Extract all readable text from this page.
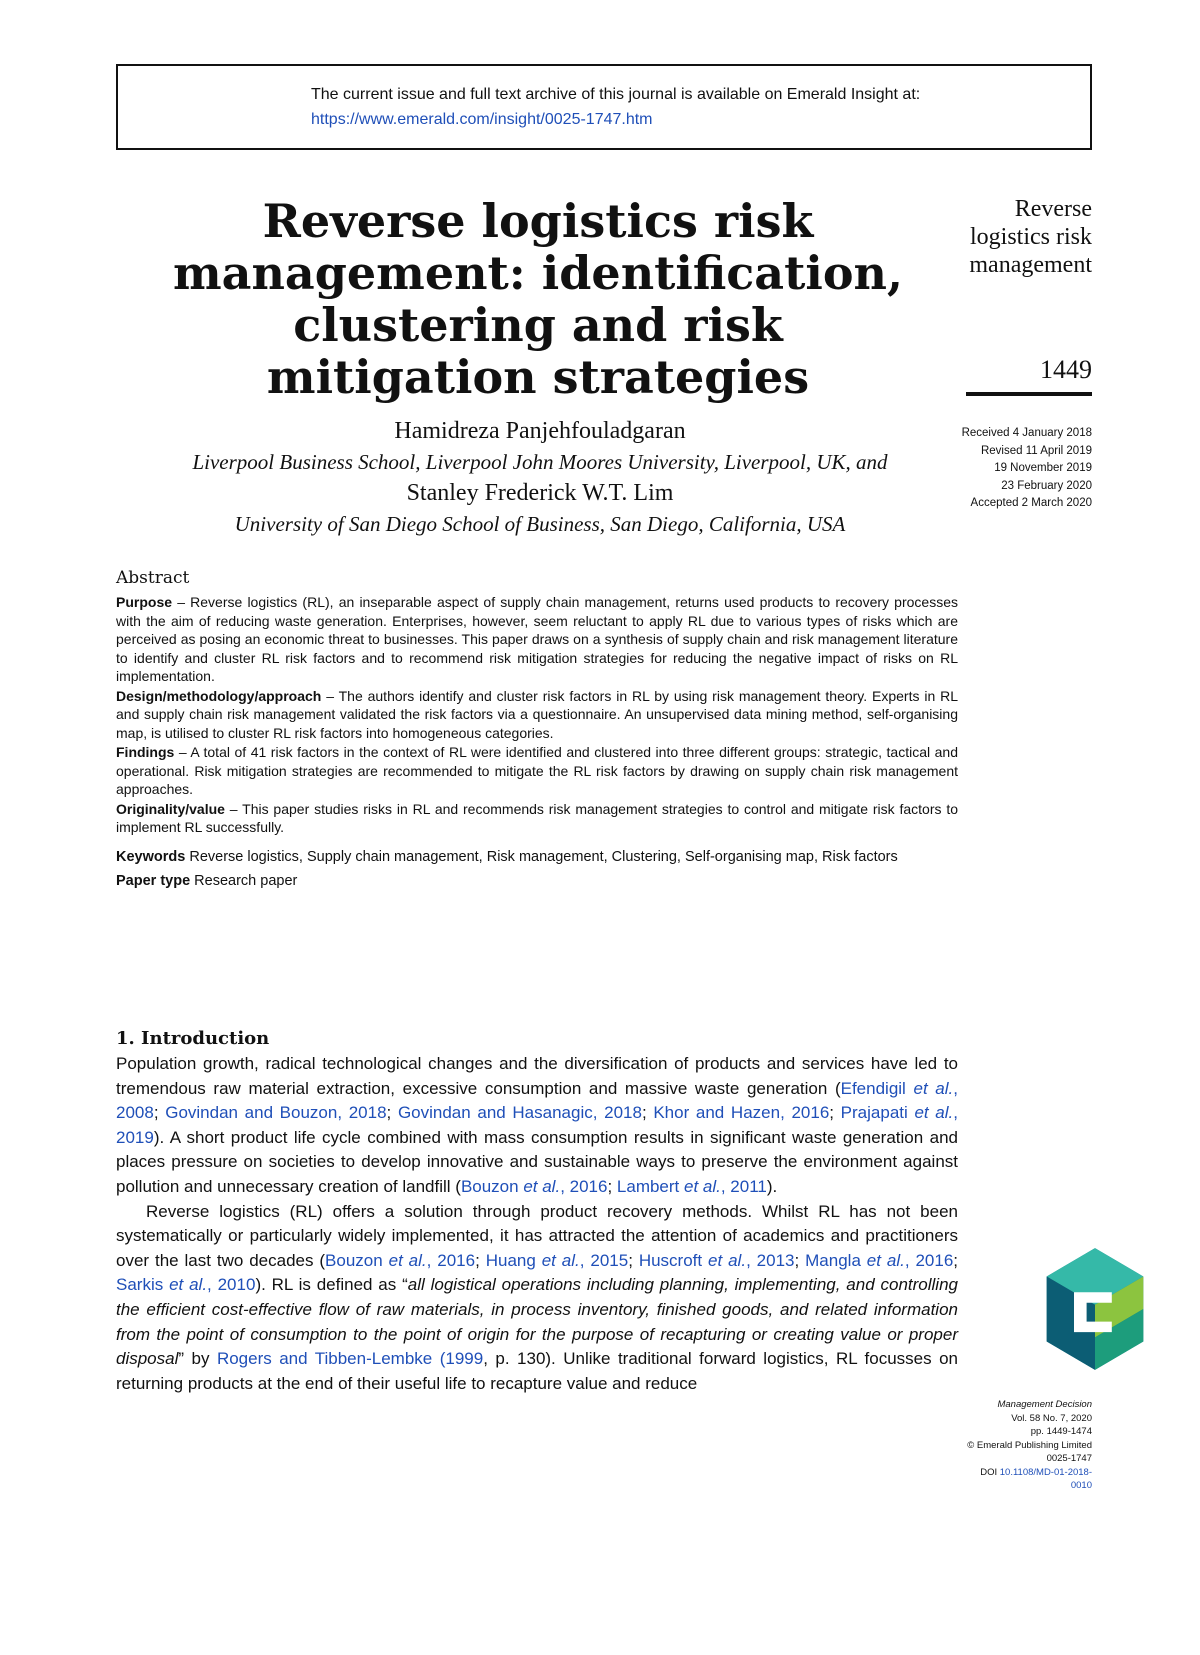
The current issue and full text archive of this journal is available on Emerald Insight at:
https://www.emerald.com/insight/0025-1747.htm
Reverse logistics risk management: identification, clustering and risk mitigation strategies
Hamidreza Panjehfouladgaran
Liverpool Business School, Liverpool John Moores University, Liverpool, UK, and
Stanley Frederick W.T. Lim
University of San Diego School of Business, San Diego, California, USA
Reverse logistics risk management
1449
Received 4 January 2018
Revised 11 April 2019
19 November 2019
23 February 2020
Accepted 2 March 2020
Abstract

Purpose – Reverse logistics (RL), an inseparable aspect of supply chain management, returns used products to recovery processes with the aim of reducing waste generation. Enterprises, however, seem reluctant to apply RL due to various types of risks which are perceived as posing an economic threat to businesses. This paper draws on a synthesis of supply chain and risk management literature to identify and cluster RL risk factors and to recommend risk mitigation strategies for reducing the negative impact of risks on RL implementation.

Design/methodology/approach – The authors identify and cluster risk factors in RL by using risk management theory. Experts in RL and supply chain risk management validated the risk factors via a questionnaire. An unsupervised data mining method, self-organising map, is utilised to cluster RL risk factors into homogeneous categories.

Findings – A total of 41 risk factors in the context of RL were identified and clustered into three different groups: strategic, tactical and operational. Risk mitigation strategies are recommended to mitigate the RL risk factors by drawing on supply chain risk management approaches.

Originality/value – This paper studies risks in RL and recommends risk management strategies to control and mitigate risk factors to implement RL successfully.

Keywords Reverse logistics, Supply chain management, Risk management, Clustering, Self-organising map, Risk factors
Paper type Research paper

1. Introduction

Population growth, radical technological changes and the diversification of products and services have led to tremendous raw material extraction, excessive consumption and massive waste generation (Efendigil et al., 2008; Govindan and Bouzon, 2018; Govindan and Hasanagic, 2018; Khor and Hazen, 2016; Prajapati et al., 2019). A short product life cycle combined with mass consumption results in significant waste generation and places pressure on societies to develop innovative and sustainable ways to preserve the environment against pollution and unnecessary creation of landfill (Bouzon et al., 2016; Lambert et al., 2011).

Reverse logistics (RL) offers a solution through product recovery methods. Whilst RL has not been systematically or particularly widely implemented, it has attracted the attention of academics and practitioners over the last two decades (Bouzon et al., 2016; Huang et al., 2015; Huscroft et al., 2013; Mangla et al., 2016; Sarkis et al., 2010). RL is defined as “all logistical operations including planning, implementing, and controlling the efficient cost-effective flow of raw materials, in process inventory, finished goods, and related information from the point of consumption to the point of origin for the purpose of recapturing or creating value or proper disposal” by Rogers and Tibben-Lembke (1999, p. 130). Unlike traditional forward logistics, RL focusses on returning products at the end of their useful life to recapture value and reduce

Management Decision
Vol. 58 No. 7, 2020
pp. 1449-1474
© Emerald Publishing Limited
0025-1747
DOI 10.1108/MD-01-2018-0010
